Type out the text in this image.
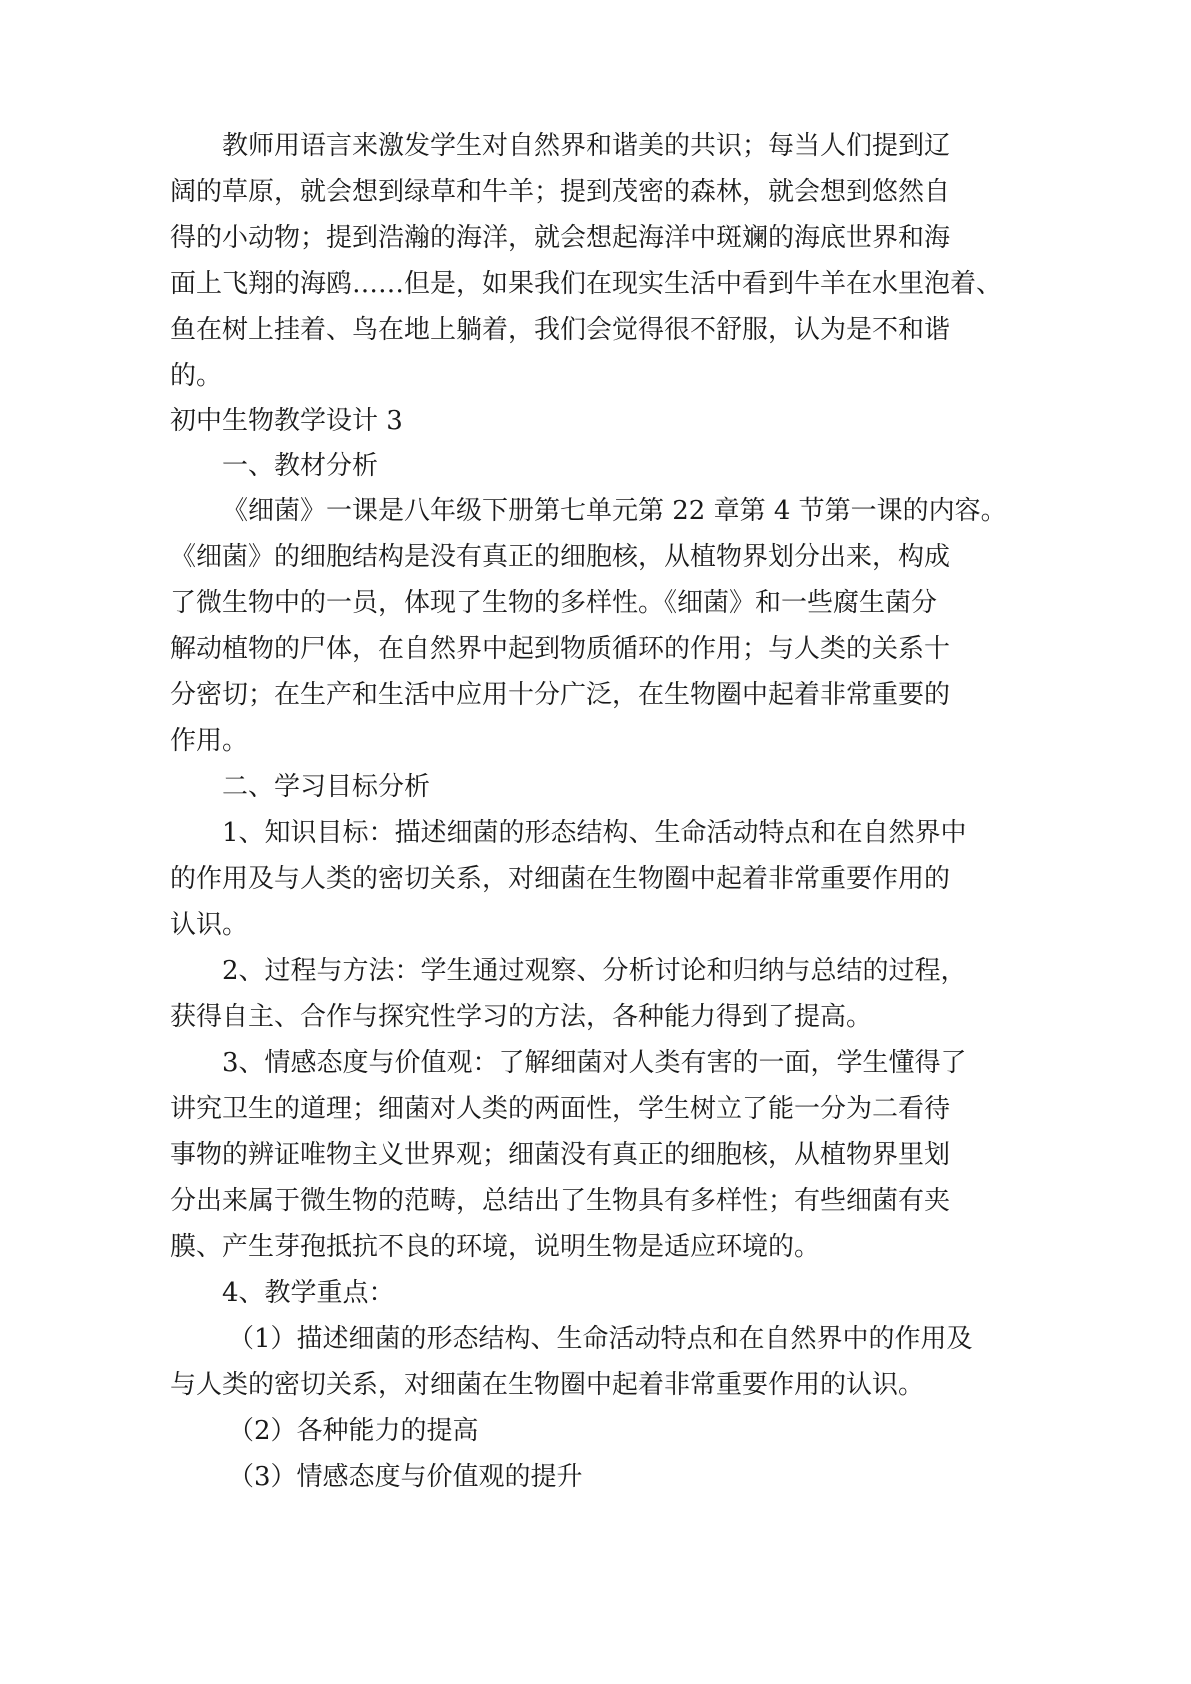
教师用语言来激发学生对自然界和谐美的共识；每当人们提到辽
阔的草原，就会想到绿草和牛羊；提到茂密的森林，就会想到悠然自
得的小动物；提到浩瀚的海洋，就会想起海洋中斑斓的海底世界和海
面上飞翔的海鸥……但是，如果我们在现实生活中看到牛羊在水里泡着、
鱼在树上挂着、鸟在地上躺着，我们会觉得很不舒服，认为是不和谐
的。
初中生物教学设计 3
一、教材分析
《细菌》一课是八年级下册第七单元第 22 章第 4 节第一课的内容。
《细菌》的细胞结构是没有真正的细胞核，从植物界划分出来，构成
了微生物中的一员，体现了生物的多样性。《细菌》和一些腐生菌分
解动植物的尸体，在自然界中起到物质循环的作用；与人类的关系十
分密切；在生产和生活中应用十分广泛，在生物圈中起着非常重要的
作用。
二、学习目标分析
1、知识目标：描述细菌的形态结构、生命活动特点和在自然界中
的作用及与人类的密切关系，对细菌在生物圈中起着非常重要作用的
认识。
2、过程与方法：学生通过观察、分析讨论和归纳与总结的过程，
获得自主、合作与探究性学习的方法，各种能力得到了提高。
3、情感态度与价值观：了解细菌对人类有害的一面，学生懂得了
讲究卫生的道理；细菌对人类的两面性，学生树立了能一分为二看待
事物的辨证唯物主义世界观；细菌没有真正的细胞核，从植物界里划
分出来属于微生物的范畴，总结出了生物具有多样性；有些细菌有夹
膜、产生芽孢抵抗不良的环境，说明生物是适应环境的。
4、教学重点：
（1）描述细菌的形态结构、生命活动特点和在自然界中的作用及
与人类的密切关系，对细菌在生物圈中起着非常重要作用的认识。
（2）各种能力的提高
（3）情感态度与价值观的提升
